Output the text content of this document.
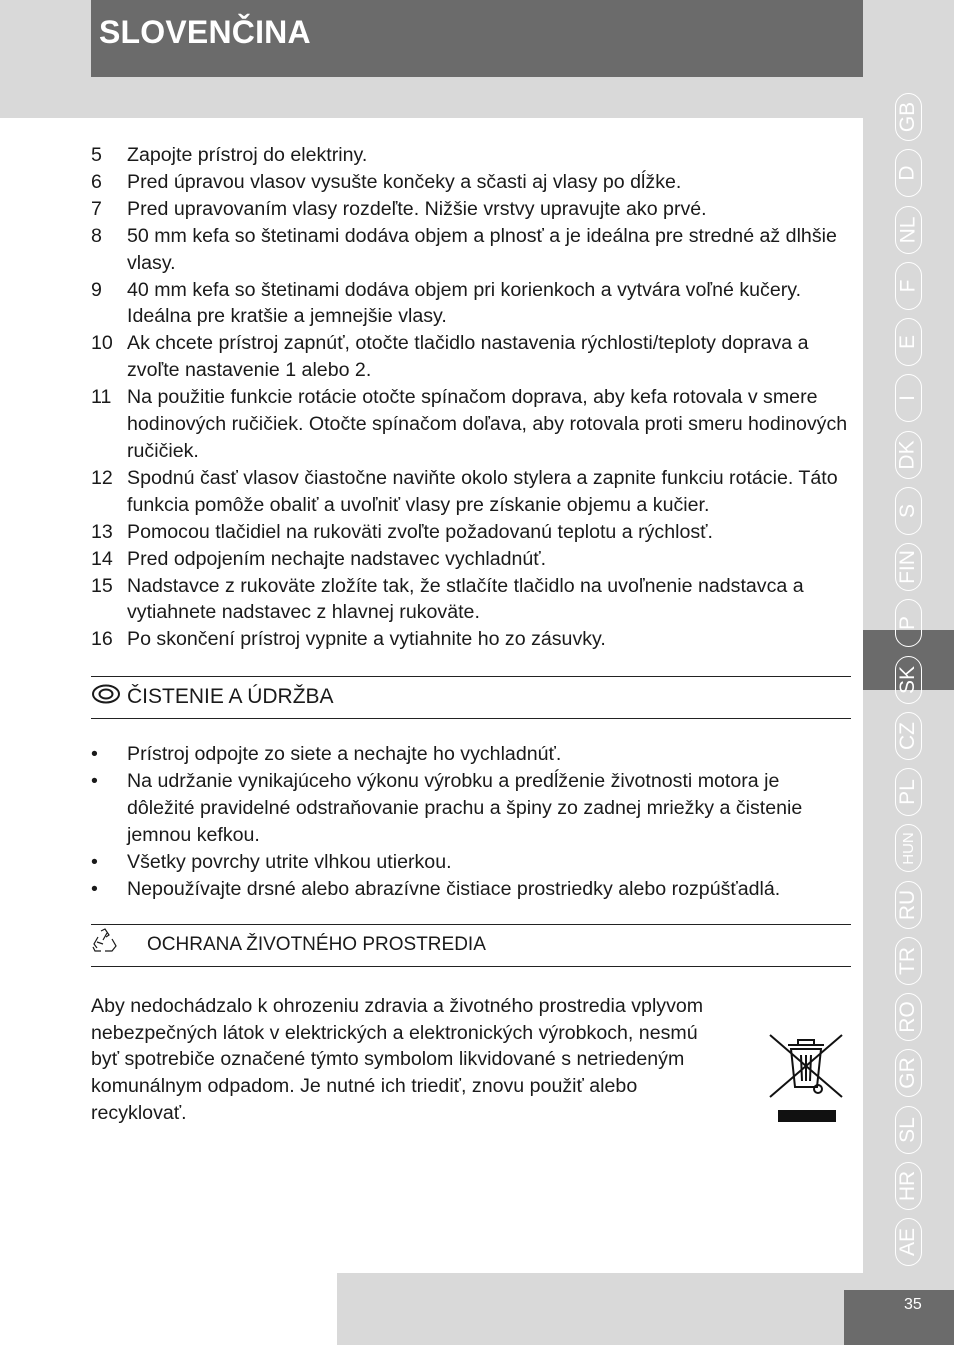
SLOVENČINA
5	Zapojte prístroj do elektriny.
6	Pred úpravou vlasov vysušte končeky a sčasti aj vlasy po dĺžke.
7	Pred upravovaním vlasy rozdeľte. Nižšie vrstvy upravujte ako prvé.
8	50 mm kefa so štetinami dodáva objem a plnosť a je ideálna pre stredné až dlhšie vlasy.
9	40 mm kefa so štetinami dodáva objem pri korienkoch a vytvára voľné kučery. Ideálna pre kratšie a jemnejšie vlasy.
10 Ak chcete prístroj zapnúť, otočte tlačidlo nastavenia rýchlosti/teploty doprava a zvoľte nastavenie 1 alebo 2.
11 Na použitie funkcie rotácie otočte spínačom doprava, aby kefa rotovala v smere hodinových ručičiek. Otočte spínačom doľava, aby rotovala proti smeru hodinových ručičiek.
12 Spodnú časť vlasov čiastočne naviňte okolo stylera a zapnite funkciu rotácie. Táto funkcia pomôže obaliť a uvoľniť vlasy pre získanie objemu a kučier.
13 Pomocou tlačidiel na rukoväti zvoľte požadovanú teplotu a rýchlosť.
14 Pred odpojením nechajte nadstavec vychladnúť.
15 Nadstavce z rukoväte zložíte tak, že stlačíte tlačidlo na uvoľnenie nadstavca a vytiahnete nadstavec z hlavnej rukoväte.
16 Po skončení prístroj vypnite a vytiahnite ho zo zásuvky.
ČISTENIE A ÚDRŽBA
•	Prístroj odpojte zo siete a nechajte ho vychladnúť.
•	Na udržanie vynikajúceho výkonu výrobku a predĺženie životnosti motora je dôležité pravidelné odstraňovanie prachu a špiny zo zadnej mriežky a čistenie jemnou kefkou.
•	Všetky povrchy utrite vlhkou utierkou.
•	Nepoužívajte drsné alebo abrazívne čistiace prostriedky alebo rozpúšťadlá.
OCHRANA ŽIVOTNÉHO PROSTREDIA
Aby nedochádzalo k ohrozeniu zdravia a životného prostredia vplyvom nebezpečných látok v elektrických a elektronických výrobkoch, nesmú byť spotrebiče označené týmto symbolom likvidované s netriedeným komunálnym odpadom. Je nutné ich triediť, znovu použiť alebo recyklovať.
GB
D
NL
F
E
I
DK
S
FIN
P
SK
CZ
PL
HUN
RU
TR
RO
GR
SL
HR
AE
35
